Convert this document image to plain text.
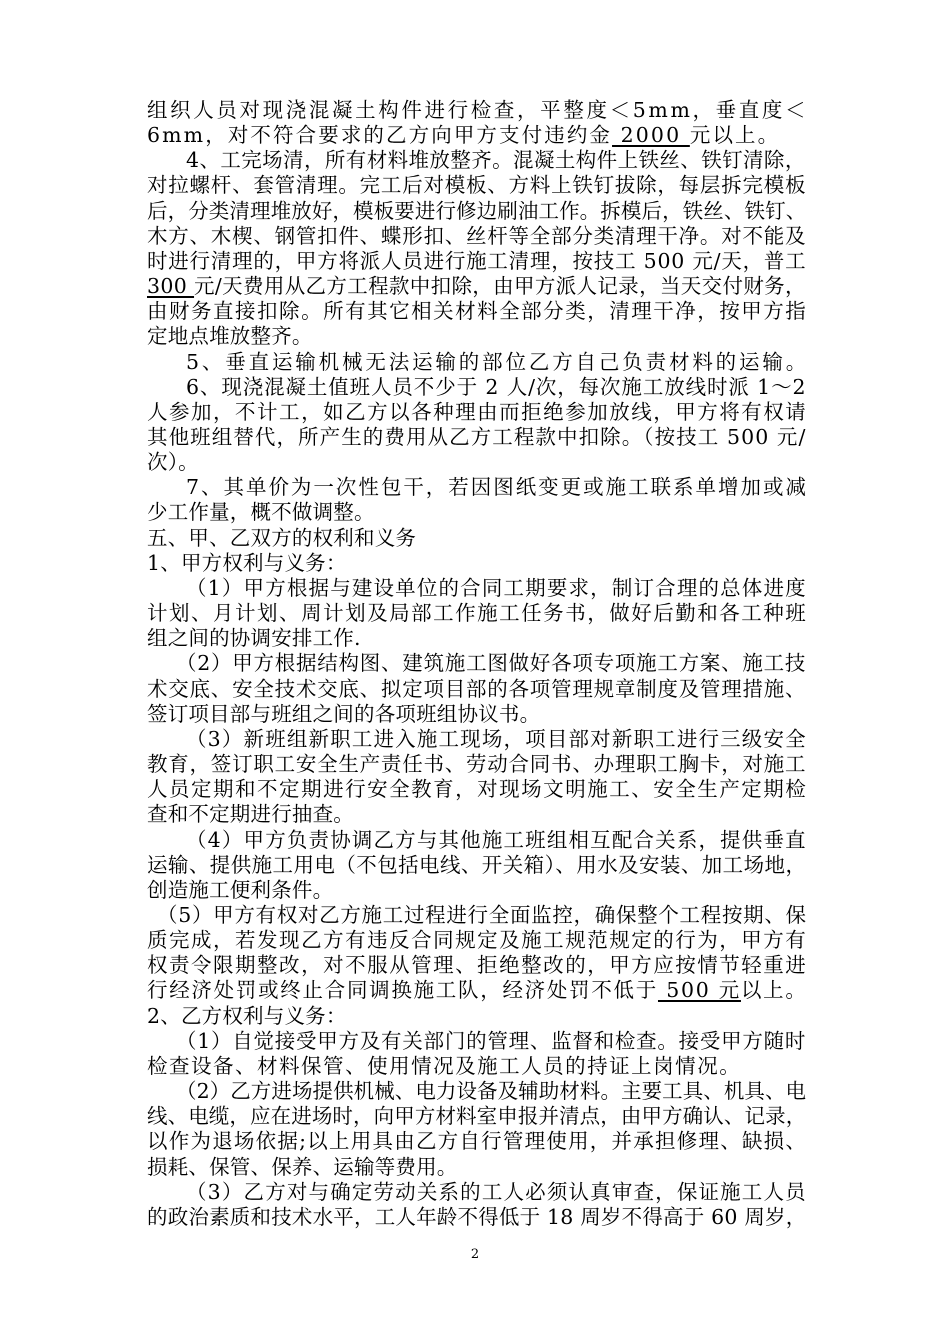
组织人员对现浇混凝土构件进行检查，平整度＜5mm，垂直度＜
6mm，对不符合要求的乙方向甲方支付违约金 2000 元以上。
4、工完场清，所有材料堆放整齐。混凝土构件上铁丝、铁钉清除，
对拉螺杆、套管清理。完工后对模板、方料上铁钉拔除，每层拆完模板
后，分类清理堆放好，模板要进行修边刷油工作。拆模后，铁丝、铁钉、
木方、木楔、钢管扣件、蝶形扣、丝杆等全部分类清理干净。对不能及
时进行清理的，甲方将派人员进行施工清理，按技工 500 元/天，普工
300 元/天费用从乙方工程款中扣除，由甲方派人记录，当天交付财务，
由财务直接扣除。所有其它相关材料全部分类，清理干净，按甲方指
定地点堆放整齐。
5、垂直运输机械无法运输的部位乙方自己负责材料的运输。
6、现浇混凝土值班人员不少于 2 人/次，每次施工放线时派 1～2
人参加，不计工，如乙方以各种理由而拒绝参加放线，甲方将有权请
其他班组替代，所产生的费用从乙方工程款中扣除。（按技工 500 元/
次）。
7、其单价为一次性包干，若因图纸变更或施工联系单增加或减
少工作量，概不做调整。
五、甲、乙双方的权利和义务
1、甲方权利与义务：
（1）甲方根据与建设单位的合同工期要求，制订合理的总体进度
计划、月计划、周计划及局部工作施工任务书，做好后勤和各工种班
组之间的协调安排工作.
（2）甲方根据结构图、建筑施工图做好各项专项施工方案、施工技
术交底、安全技术交底、拟定项目部的各项管理规章制度及管理措施、
签订项目部与班组之间的各项班组协议书。
（3）新班组新职工进入施工现场，项目部对新职工进行三级安全
教育，签订职工安全生产责任书、劳动合同书、办理职工胸卡，对施工
人员定期和不定期进行安全教育，对现场文明施工、安全生产定期检
查和不定期进行抽查。
（4）甲方负责协调乙方与其他施工班组相互配合关系，提供垂直
运输、提供施工用电（不包括电线、开关箱）、用水及安装、加工场地，
创造施工便利条件。
（5）甲方有权对乙方施工过程进行全面监控，确保整个工程按期、保
质完成，若发现乙方有违反合同规定及施工规范规定的行为，甲方有
权责令限期整改，对不服从管理、拒绝整改的，甲方应按情节轻重进
行经济处罚或终止合同调换施工队，经济处罚不低于 500 元以上。
2、乙方权利与义务：
（1）自觉接受甲方及有关部门的管理、监督和检查。接受甲方随时
检查设备、材料保管、使用情况及施工人员的持证上岗情况。
（2）乙方进场提供机械、电力设备及辅助材料。主要工具、机具、电
线、电缆，应在进场时，向甲方材料室申报并清点，由甲方确认、记录，
以作为退场依据;以上用具由乙方自行管理使用，并承担修理、缺损、
损耗、保管、保养、运输等费用。
（3）乙方对与确定劳动关系的工人必须认真审查，保证施工人员
的政治素质和技术水平，工人年龄不得低于 18 周岁不得高于 60 周岁，
2
